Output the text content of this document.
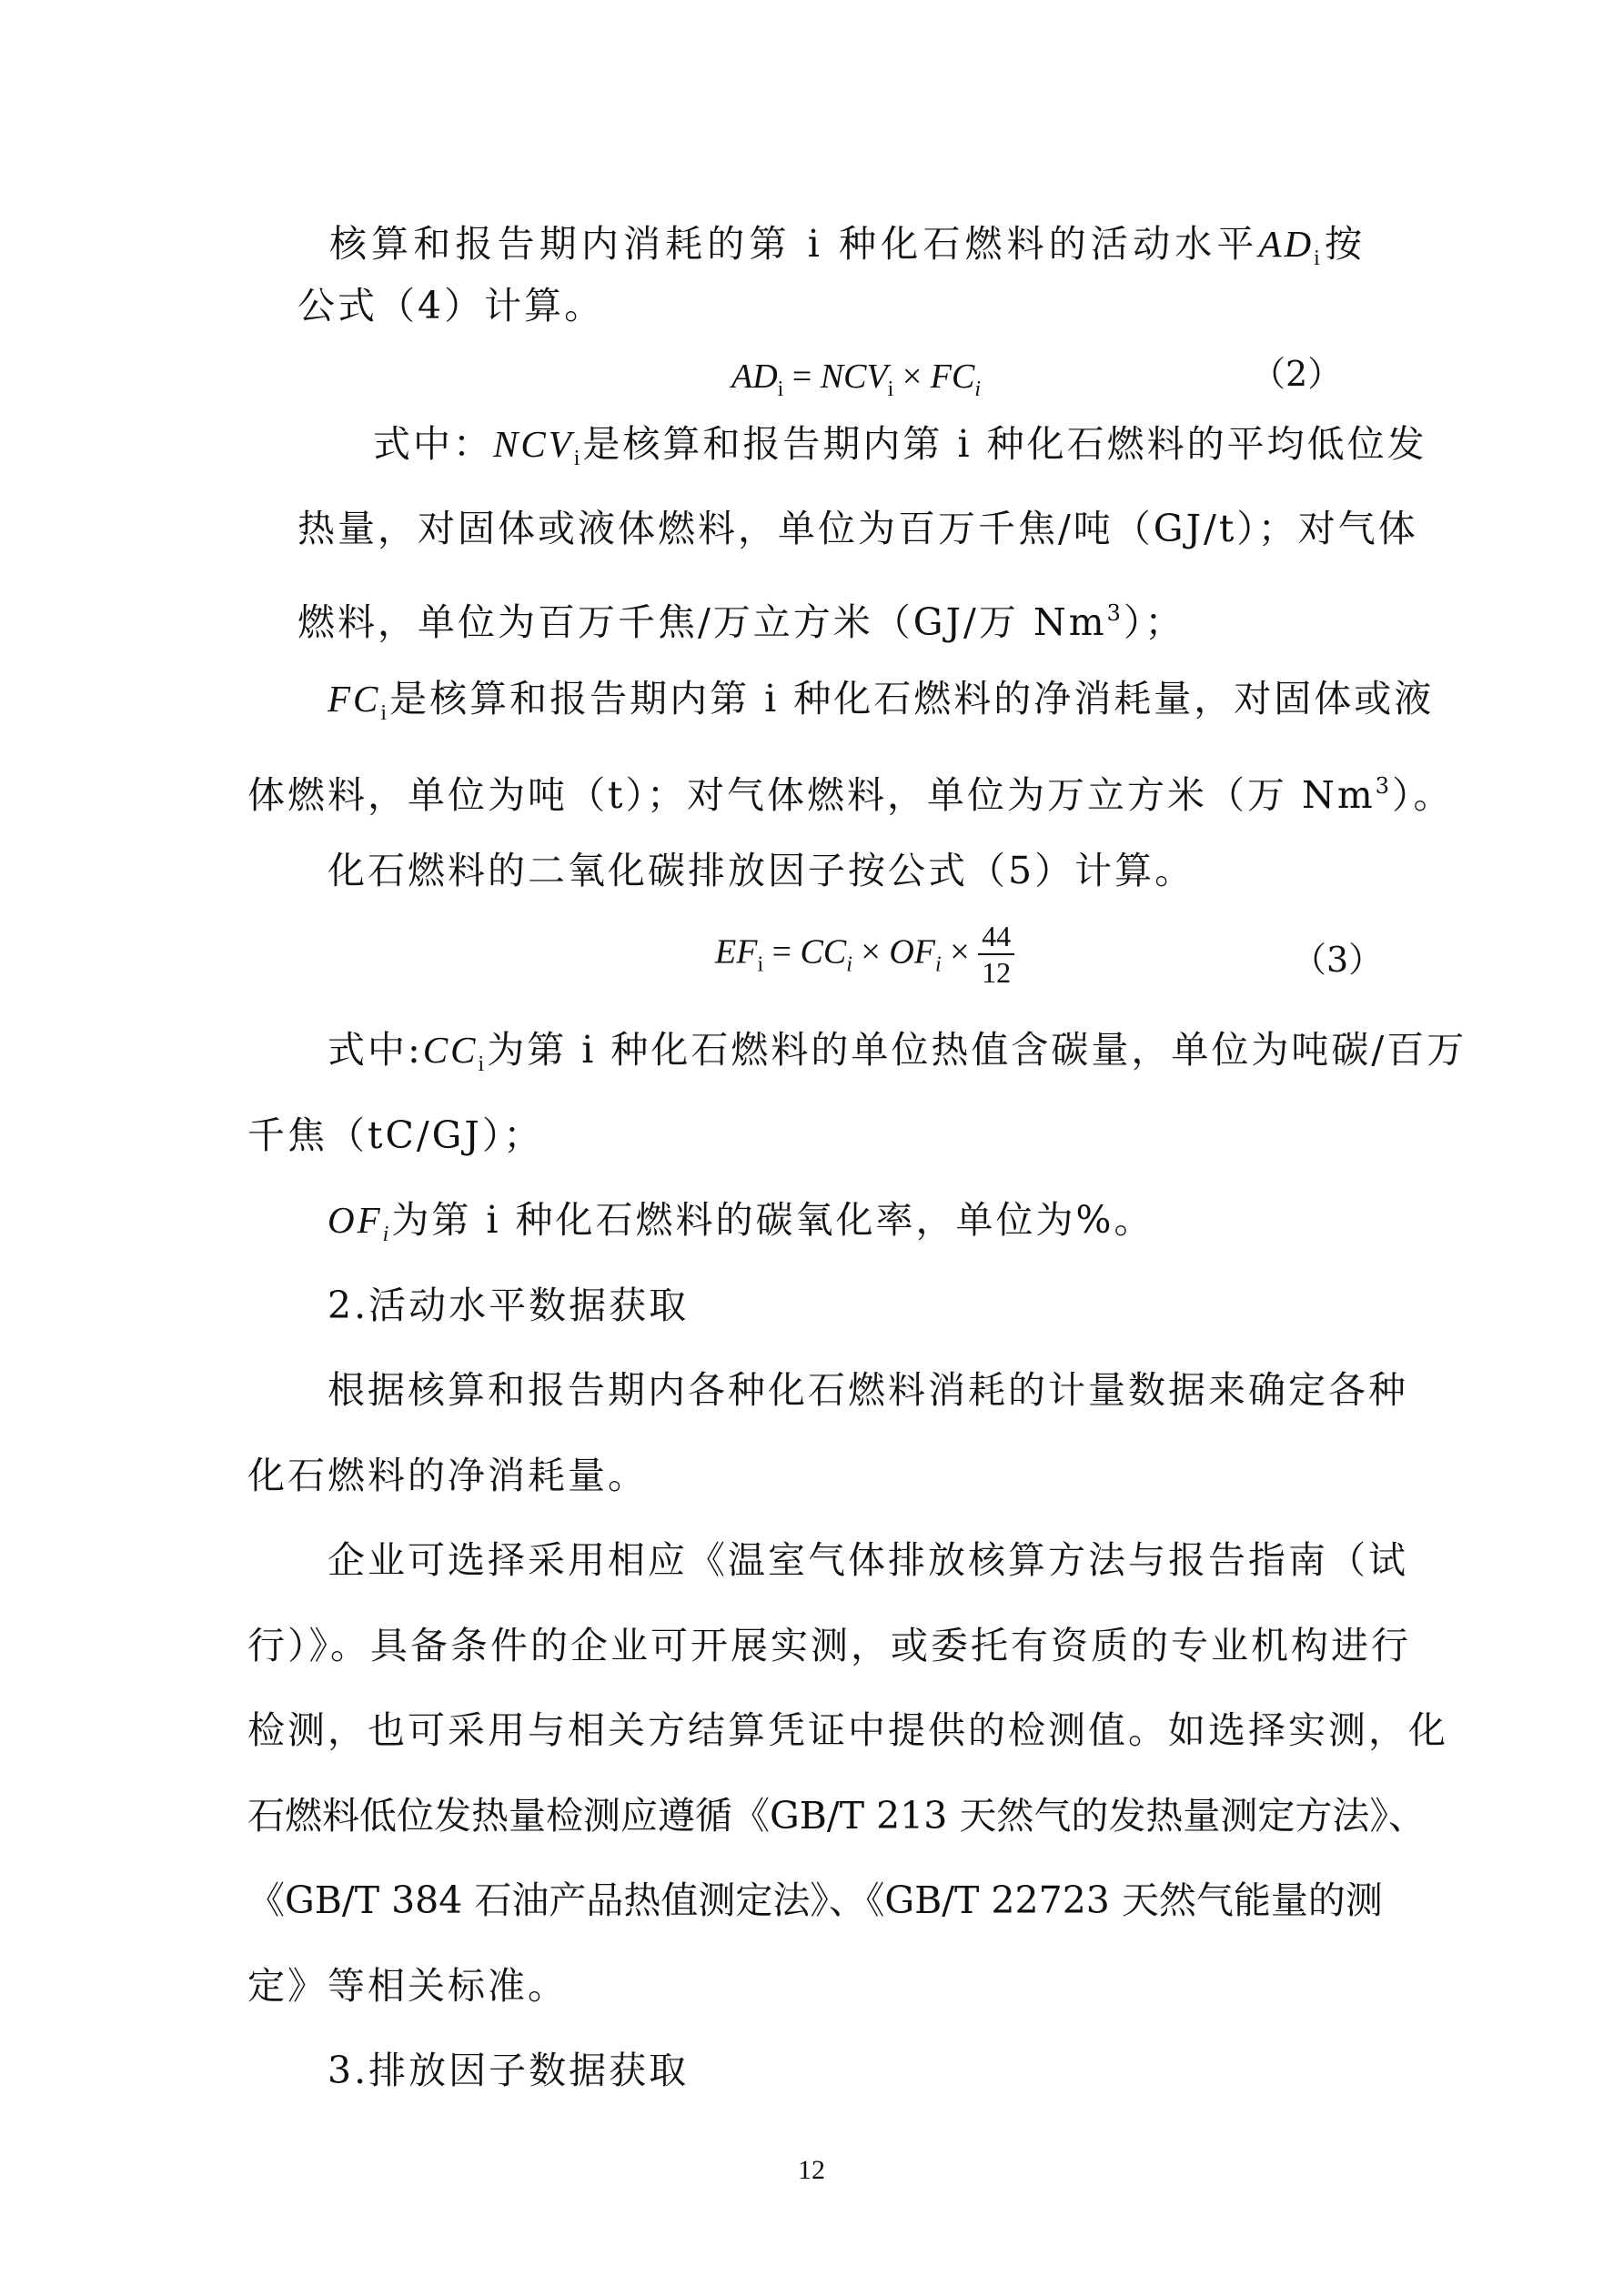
核算和报告期内消耗的第 i 种化石燃料的活动水平$AD_i$按
公式（4）计算。
$AD_i = NCV_i \times FC_i$	（2）
式中：$NCV_i$是核算和报告期内第 i 种化石燃料的平均低位发
热量，对固体或液体燃料，单位为百万千焦/吨（GJ/t）；对气体
燃料，单位为百万千焦/万立方米（GJ/万 Nm$^3$）；
$FC_i$是核算和报告期内第 i 种化石燃料的净消耗量，对固体或液
体燃料，单位为吨（t）；对气体燃料，单位为万立方米（万 Nm$^3$）。
化石燃料的二氧化碳排放因子按公式（5）计算。
$EF_i = CC_i \times OF_i \times \frac{44}{12}$	（3）
式中$:CC_i$为第 i 种化石燃料的单位热值含碳量，单位为吨碳/百万
千焦（tC/GJ）；
$OF_i$为第 i 种化石燃料的碳氧化率，单位为%。
2.活动水平数据获取
根据核算和报告期内各种化石燃料消耗的计量数据来确定各种
化石燃料的净消耗量。
企业可选择采用相应《温室气体排放核算方法与报告指南（试
行）》。具备条件的企业可开展实测，或委托有资质的专业机构进行
检测，也可采用与相关方结算凭证中提供的检测值。如选择实测，化
石燃料低位发热量检测应遵循《GB/T 213 天然气的发热量测定方法》、
《GB/T 384 石油产品热值测定法》、《GB/T 22723 天然气能量的测
定》等相关标准。
3.排放因子数据获取
12
